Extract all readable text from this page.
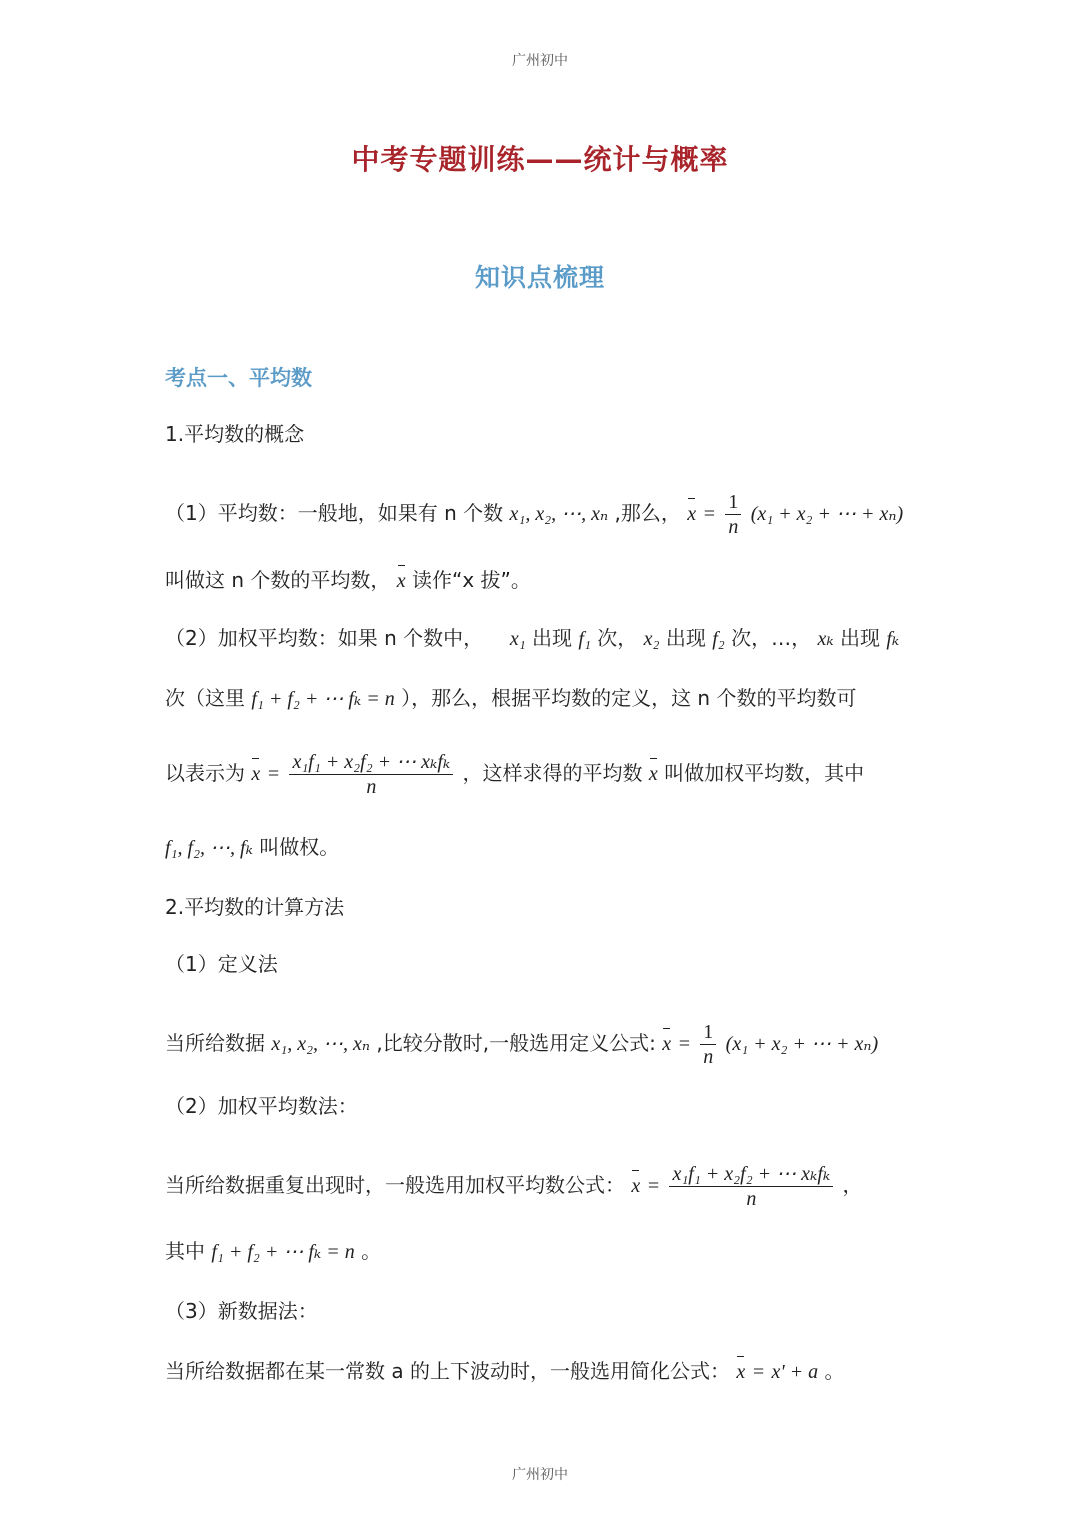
广州初中
中考专题训练——统计与概率
知识点梳理
考点一、平均数
1.平均数的概念
（1）平均数：一般地，如果有 n 个数 x₁, x₂, ⋯, xₙ ,那么， $x = \frac{1}{n} (x_1 + x_2$ + ⋯ + xₙ)
叫做这 n 个数的平均数， x 读作“x 拔”。
（2）加权平均数：如果 n 个数中， x₁ 出现 f₁ 次， x₂ 出现 f₂ 次，…， xₖ 出现 fₖ
次（这里 f₁ + f₂ + ⋯ fₖ = n ），那么，根据平均数的定义，这 n 个数的平均数可
以表示为 $x = \frac{\text{x₁f₁ + x₂f₂ + ⋯ xₖfₖ}}{n}$ ，这样求得的平均数 x 叫做加权平均数，其中
f₁, f₂, ⋯, fₖ 叫做权。
2.平均数的计算方法
（1）定义法
当所给数据 x₁, x₂, ⋯, xₙ ,比较分散时,一般选用定义公式: $x = \frac{1}{n} (x_1 + x_2$ + ⋯ + xₙ)
（2）加权平均数法：
当所给数据重复出现时，一般选用加权平均数公式： $x = \frac{\text{x₁f₁ + x₂f₂ + ⋯ xₖfₖ}}{n}$ ，
其中 f₁ + f₂ + ⋯ fₖ = n 。
（3）新数据法：
当所给数据都在某一常数 a 的上下波动时，一般选用简化公式： x = x' + a 。
广州初中
